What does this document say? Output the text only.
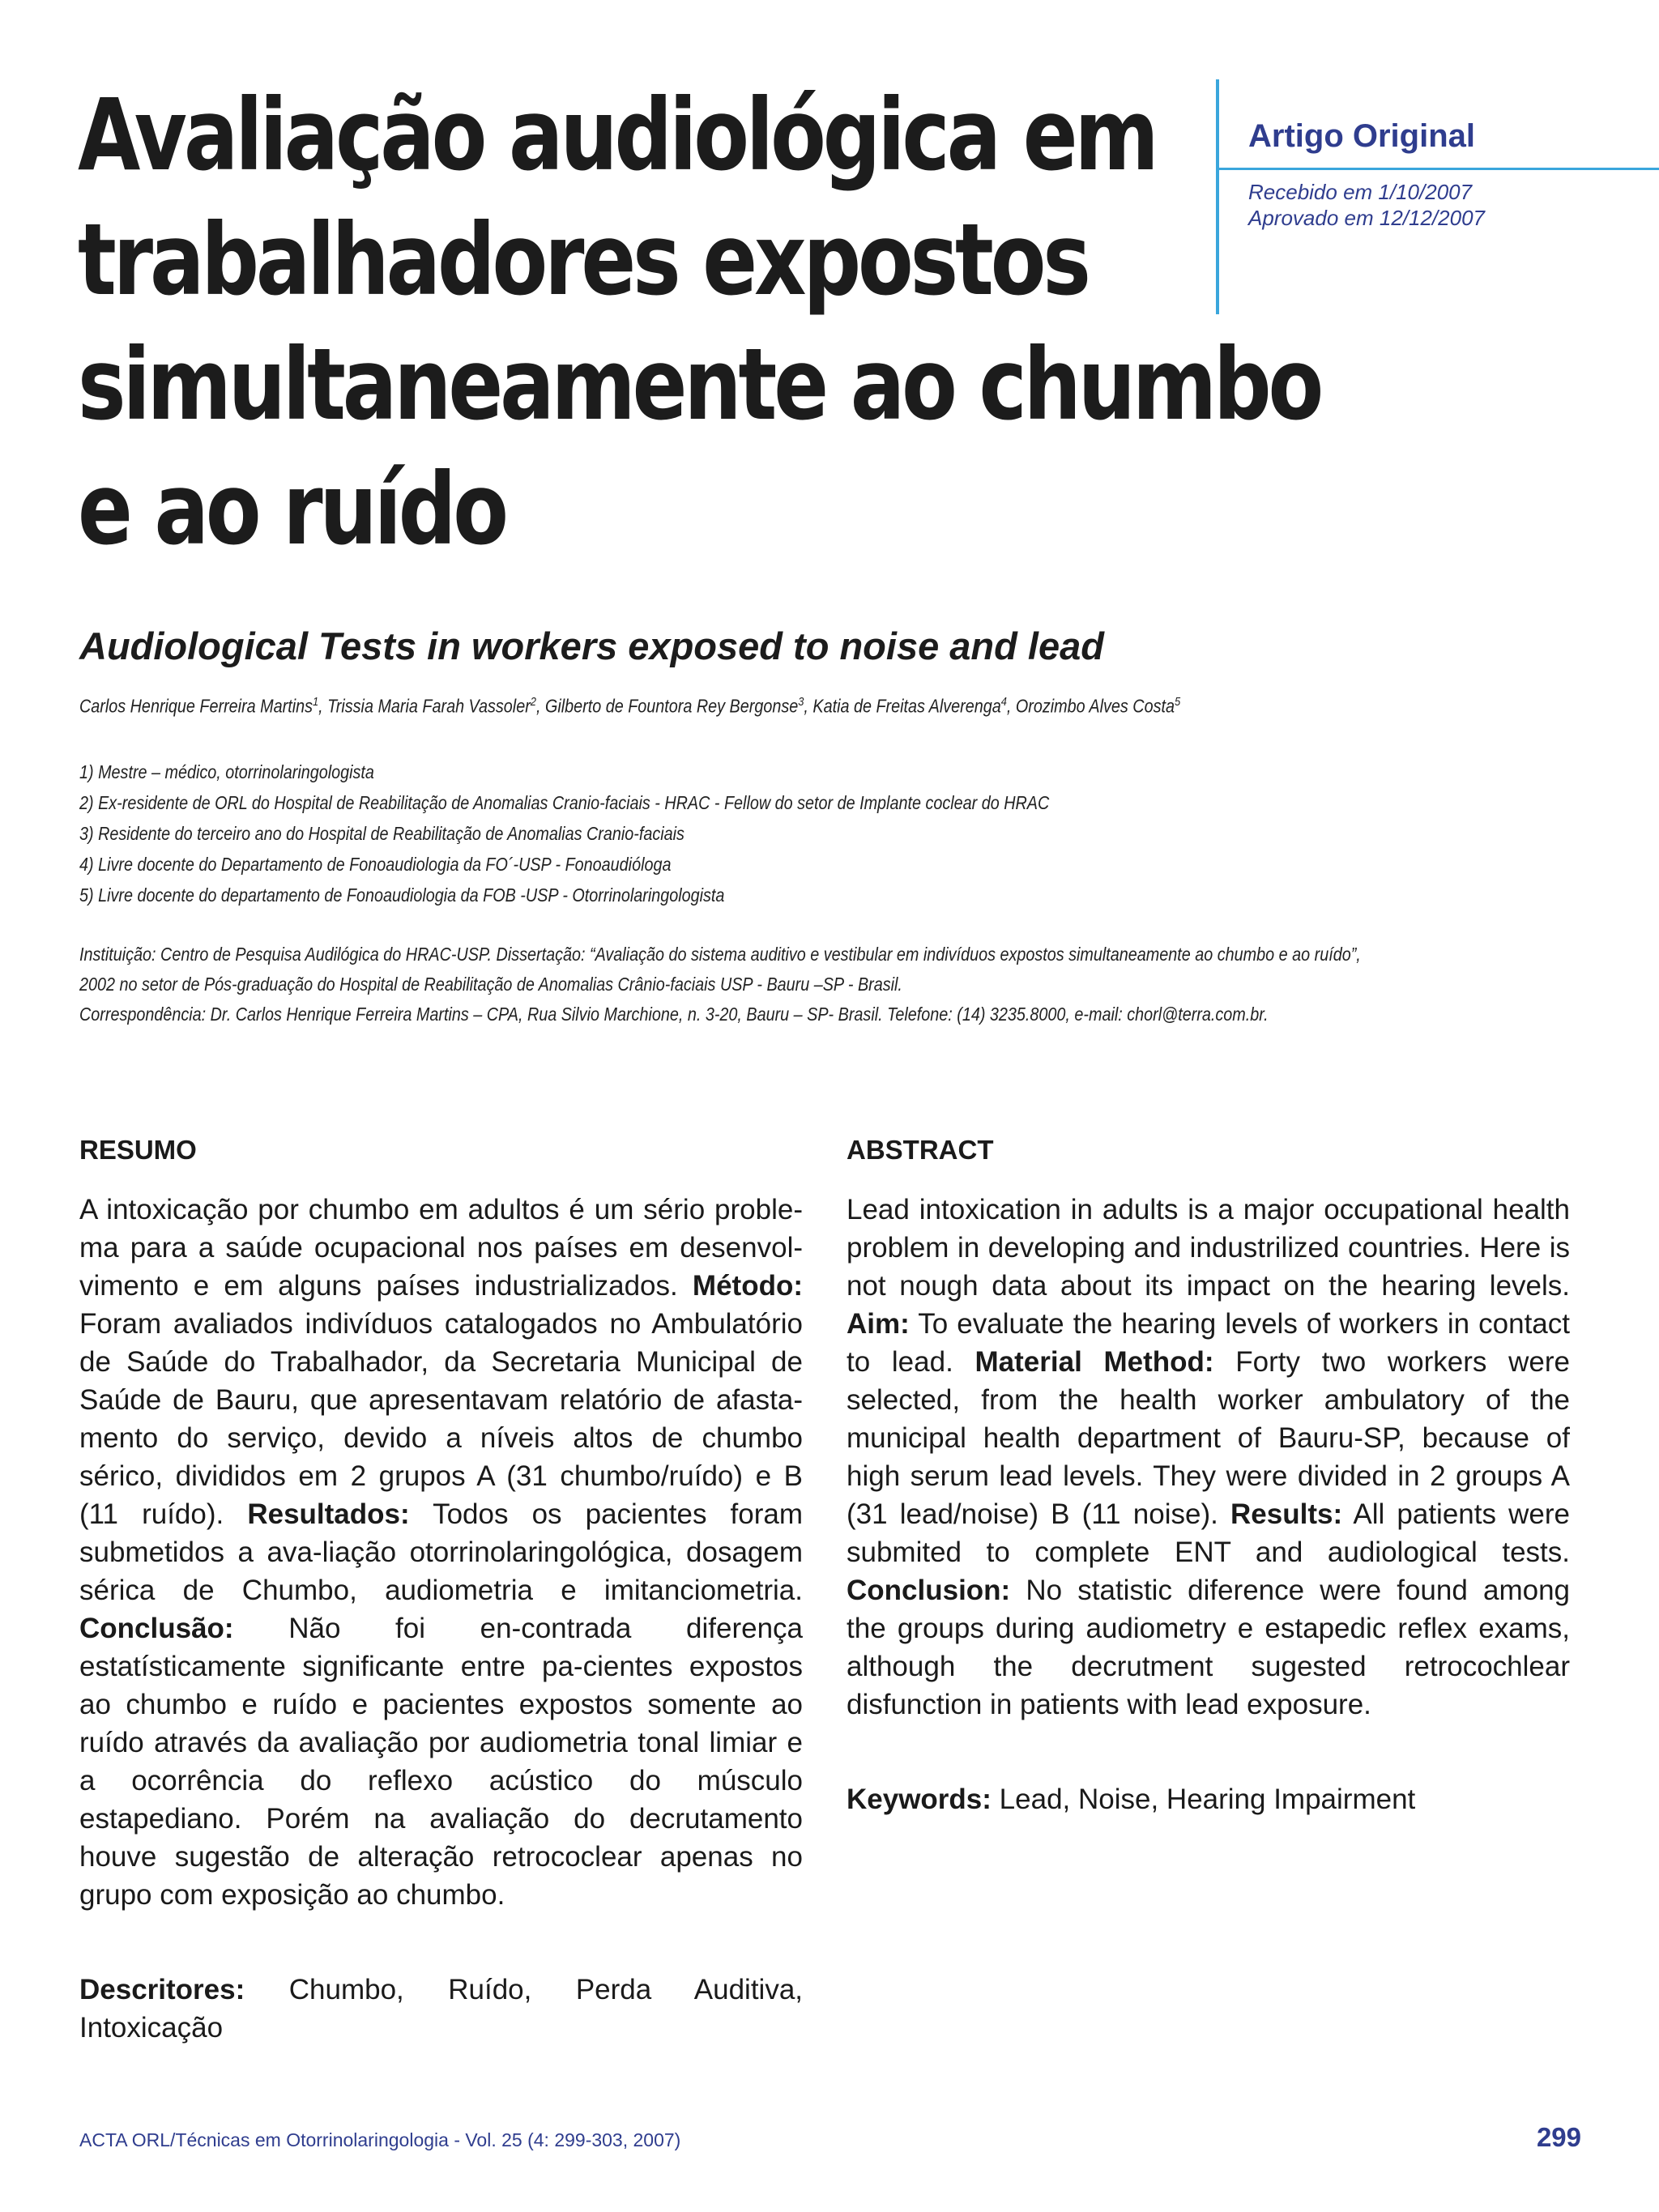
Avaliação audiológica em
trabalhadores expostos
simultaneamente ao chumbo
e ao ruído
Artigo Original
Recebido em 1/10/2007
Aprovado em 12/12/2007
Audiological Tests in workers exposed to noise and lead
Carlos Henrique Ferreira Martins$^1$, Trissia Maria Farah Vassoler$^2$, Gilberto de Fountora Rey Bergonse$^3$, Katia de Freitas Alverenga$^4$, Orozimbo Alves Costa$^5$
1) Mestre – médico, otorrinolaringologista
2) Ex-residente de ORL do Hospital de Reabilitação de Anomalias Cranio-faciais - HRAC - Fellow do setor de Implante coclear do HRAC
3) Residente do terceiro ano do Hospital de Reabilitação de Anomalias Cranio-faciais
4) Livre docente do Departamento de Fonoaudiologia da FO´-USP - Fonoaudióloga
5) Livre docente do departamento de Fonoaudiologia da FOB -USP - Otorrinolaringologista
Instituição: Centro de Pesquisa Audilógica do HRAC-USP. Dissertação: “Avaliação do sistema auditivo e vestibular em indivíduos expostos simultaneamente ao chumbo e ao ruído”,
2002 no setor de Pós-graduação do Hospital de Reabilitação de Anomalias Crânio-faciais USP - Bauru –SP - Brasil.
Correspondência: Dr. Carlos Henrique Ferreira Martins – CPA, Rua Silvio Marchione, n. 3-20, Bauru – SP- Brasil. Telefone: (14) 3235.8000, e-mail: chorl@terra.com.br.
RESUMO

A intoxicação por chumbo em adultos é um sério proble-ma para a saúde ocupacional nos países em desenvol-vimento e em alguns países industrializados. Método: Foram avaliados indivíduos catalogados no Ambulatório de Saúde do Trabalhador, da Secretaria Municipal de Saúde de Bauru, que apresentavam relatório de afasta-mento do serviço, devido a níveis altos de chumbo sérico, divididos em 2 grupos A (31 chumbo/ruído) e B (11 ruído). Resultados: Todos os pacientes foram submetidos a ava-liação otorrinolaringológica, dosagem sérica de Chumbo, audiometria e imitanciometria. Conclusão: Não foi en-contrada diferença estatísticamente significante entre pa-cientes expostos ao chumbo e ruído e pacientes expostos somente ao ruído através da avaliação por audiometria tonal limiar e a ocorrência do reflexo acústico do músculo estapediano. Porém na avaliação do decrutamento houve sugestão de alteração retrococlear apenas no grupo com exposição ao chumbo.

Descritores: Chumbo, Ruído, Perda Auditiva, Intoxicação

ABSTRACT

Lead intoxication in adults is a major occupational health problem in developing and industrilized countries. Here is not nough data about its impact on the hearing levels. Aim: To evaluate the hearing levels of workers in contact to lead. Material Method: Forty two workers were selected, from the health worker ambulatory of the municipal health department of Bauru-SP, because of high serum lead levels. They were divided in 2 groups A (31 lead/noise) B (11 noise). Results: All patients were submited to complete ENT and audiological tests. Conclusion: No statistic diference were found among the groups during audiometry e estapedic reflex exams, although the decrutment sugested retrocochlear disfunction in patients with lead exposure.

Keywords: Lead, Noise, Hearing Impairment

ACTA ORL/Técnicas em Otorrinolaringologia - Vol. 25 (4: 299-303, 2007)	299
